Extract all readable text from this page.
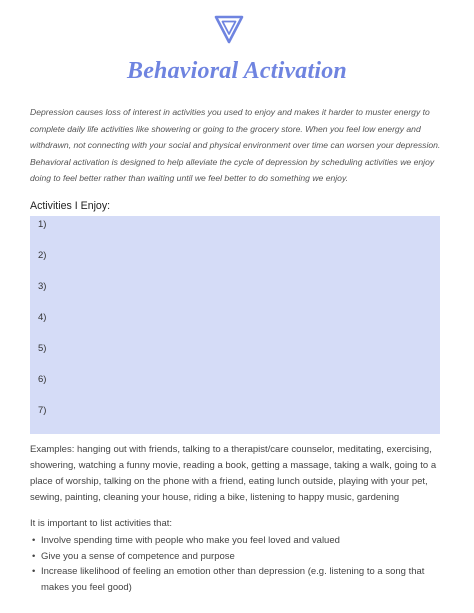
Behavioral Activation

Depression causes loss of interest in activities you used to enjoy and makes it harder to muster energy to complete daily life activities like showering or going to the grocery store. When you feel low energy and withdrawn, not connecting with your social and physical environment over time can worsen your depression. Behavioral activation is designed to help alleviate the cycle of depression by scheduling activities we enjoy doing to feel better rather than waiting until we feel better to do something we enjoy.

Activities I Enjoy:
1)
2)
3)
4)
5)
6)
7)

Examples: hanging out with friends, talking to a therapist/care counselor, meditating, exercising, showering, watching a funny movie, reading a book, getting a massage, taking a walk, going to a place of worship, talking on the phone with a friend, eating lunch outside, playing with your pet, sewing, painting, cleaning your house, riding a bike, listening to happy music, gardening

It is important to list activities that:
• Involve spending time with people who make you feel loved and valued
• Give you a sense of competence and purpose
• Increase likelihood of feeling an emotion other than depression (e.g. listening to a song that makes you feel good)
